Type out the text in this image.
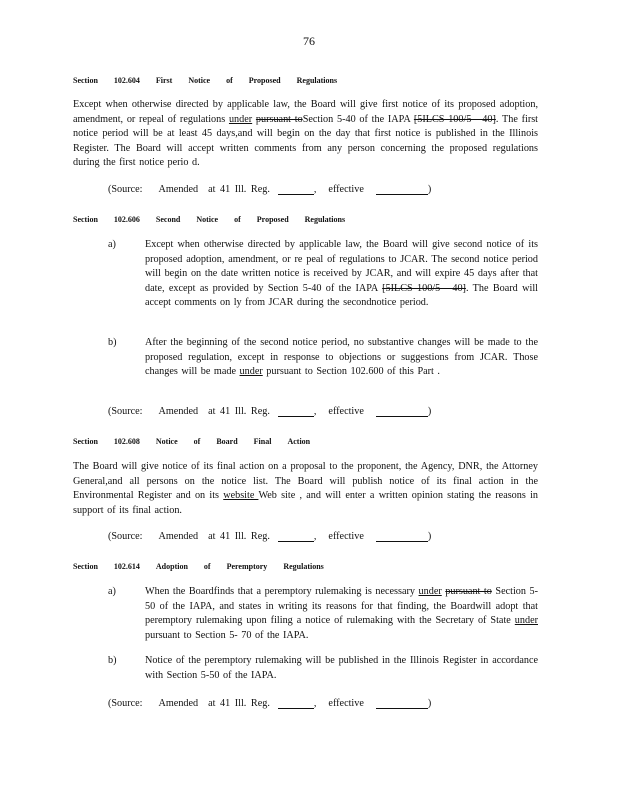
76
Section 102.604 First Notice of Proposed Regulations
Except when otherwise directed by applicable law, the Board will give first notice of its proposed adoption, amendment, or repeal of regulations under pursuant toSection 5-40 of the IAPA [5ILCS 100/5 - 40]. The first notice period will be at least 45 days,and will begin on the day that first notice is published in the Illinois Register. The Board will accept written comments from any person concerning the proposed regulations during the first notice perio d.
(Source: Amended at 41 Ill. Reg.	, effective	)
Section 102.606 Second Notice of Proposed Regulations
a)	Except when otherwise directed by applicable law, the Board will give second notice of its proposed adoption, amendment, or re peal of regulations to JCAR. The second notice period will begin on the date written notice is received by JCAR, and will expire 45 days after that date, except as provided by Section 5-40 of the IAPA [5ILCS 100/5 - 40]. The Board will accept comments on ly from JCAR during the secondnotice period.
b)	After the beginning of the second notice period, no substantive changes will be made to the proposed regulation, except in response to objections or suggestions from JCAR. Those changes will be made under pursuant to Section 102.600 of this Part .
(Source: Amended at 41 Ill. Reg.	, effective	)
Section 102.608 Notice of Board Final Action
The Board will give notice of its final action on a proposal to the proponent, the Agency, DNR, the Attorney General,and all persons on the notice list. The Board will publish notice of its final action in the Environmental Register and on its website Web site , and will enter a written opinion stating the reasons in support of its final action.
(Source: Amended at 41 Ill. Reg.	, effective	)
Section 102.614 Adoption of Peremptory Regulations
a)	When the Boardfinds that a peremptory rulemaking is necessary under pursuant to Section 5-50 of the IAPA, and states in writing its reasons for that finding, the Boardwill adopt that peremptory rulemaking upon filing a notice of rulemaking with the Secretary of State under pursuant to Section 5- 70 of the IAPA.
b)	Notice of the peremptory rulemaking will be published in the Illinois Register in accordance with Section 5-50 of the IAPA.
(Source: Amended at 41 Ill. Reg.	, effective	)
